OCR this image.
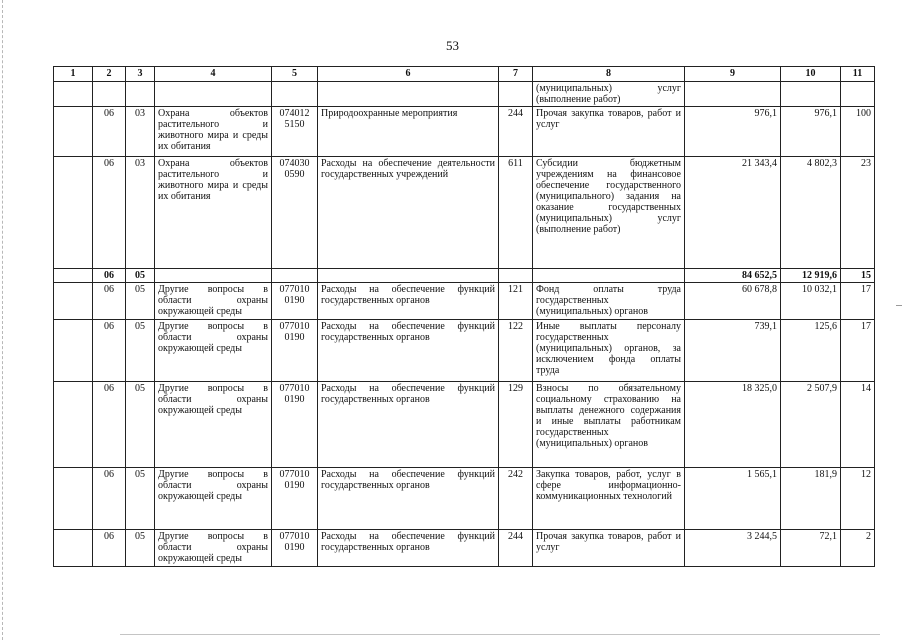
53
1	2	3	4	5	6	7	8	9	10	11
							(муниципальных) услуг (выполнение работ)			
	06	03	Охрана объектов растительного и животного мира и среды их обитания	074012 5150	Природоохранные мероприятия	244	Прочая закупка товаров, работ и услуг	976,1	976,1	100
	06	03	Охрана объектов растительного и животного мира и среды их обитания	074030 0590	Расходы на обеспечение деятельности государственных учреждений	611	Субсидии бюджетным учреждениям на финансовое обеспечение государственного (муниципального) задания на оказание государственных (муниципальных) услуг (выполнение работ)	21 343,4	4 802,3	23
	06	05						84 652,5	12 919,6	15
	06	05	Другие вопросы в области охраны окружающей среды	077010 0190	Расходы на обеспечение функций государственных органов	121	Фонд оплаты труда государственных (муниципальных) органов	60 678,8	10 032,1	17
	06	05	Другие вопросы в области охраны окружающей среды	077010 0190	Расходы на обеспечение функций государственных органов	122	Иные выплаты персоналу государственных (муниципальных) органов, за исключением фонда оплаты труда	739,1	125,6	17
	06	05	Другие вопросы в области охраны окружающей среды	077010 0190	Расходы на обеспечение функций государственных органов	129	Взносы по обязательному социальному страхованию на выплаты денежного содержания и иные выплаты работникам государственных (муниципальных) органов	18 325,0	2 507,9	14
	06	05	Другие вопросы в области охраны окружающей среды	077010 0190	Расходы на обеспечение функций государственных органов	242	Закупка товаров, работ, услуг в сфере информационно-коммуникационных технологий	1 565,1	181,9	12
	06	05	Другие вопросы в области охраны окружающей среды	077010 0190	Расходы на обеспечение функций государственных органов	244	Прочая закупка товаров, работ и услуг	3 244,5	72,1	2
